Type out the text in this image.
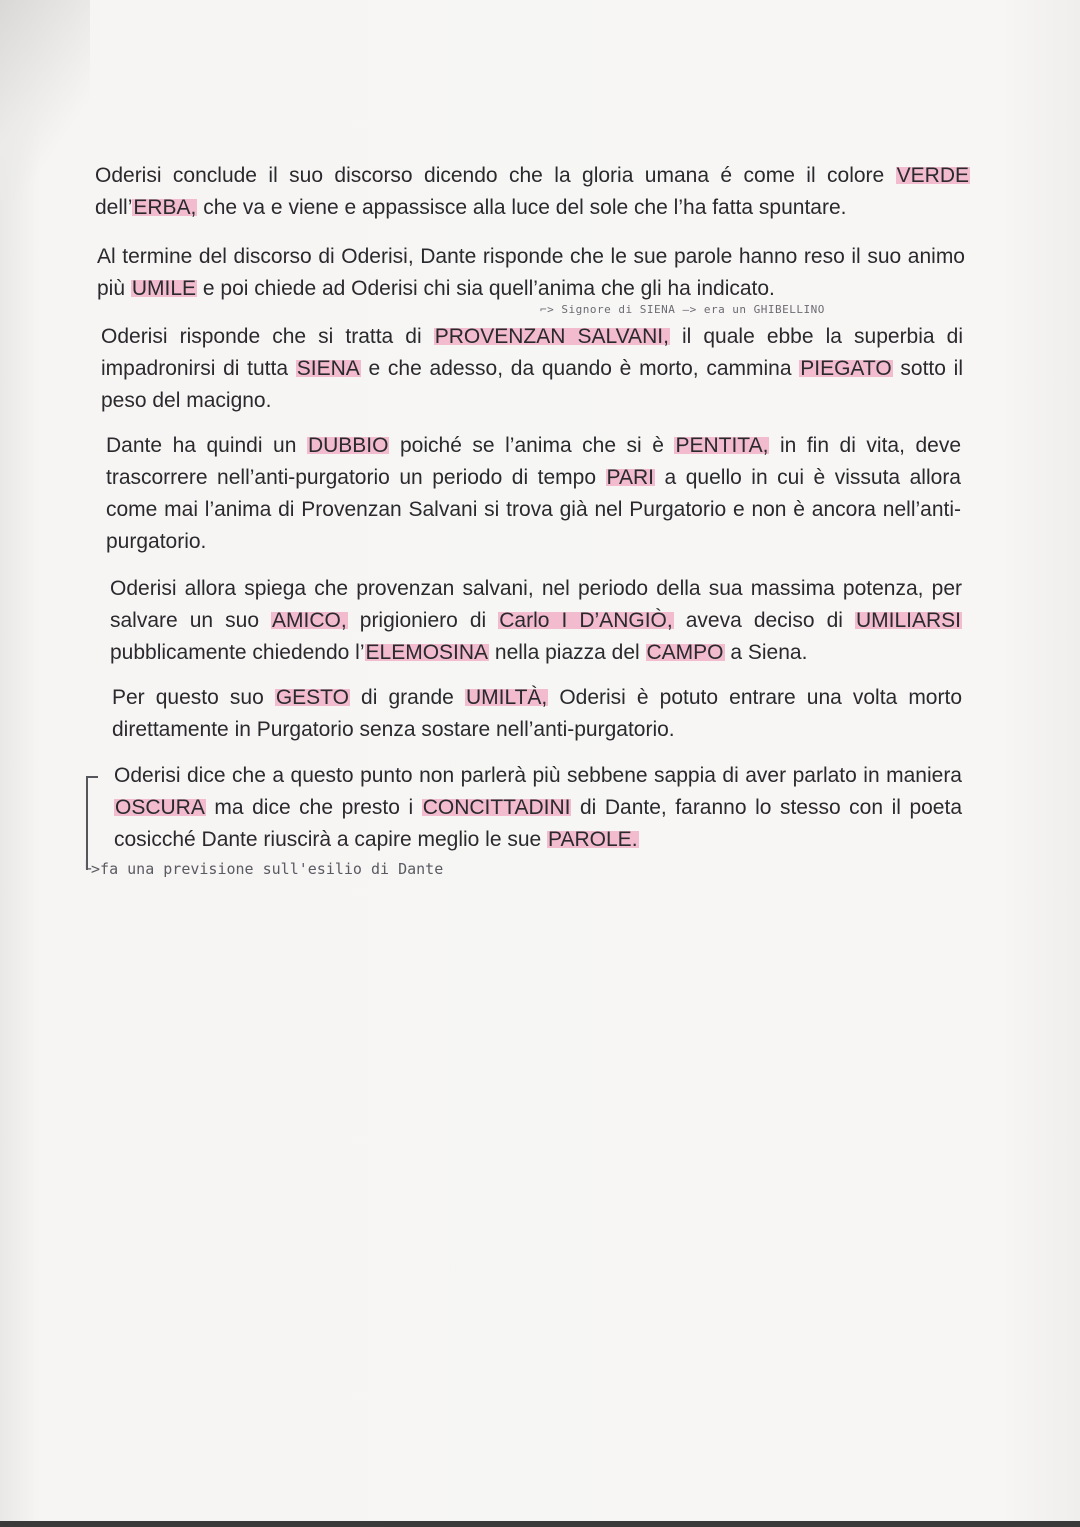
Oderisi conclude il suo discorso dicendo che la gloria umana é come il colore VERDE dell’ERBA, che va e viene e appassisce alla luce del sole che l’ha fatta spuntare.

Al termine del discorso di Oderisi, Dante risponde che le sue parole hanno reso il suo animo più UMILE e poi chiede ad Oderisi chi sia quell’anima che gli ha indicato.

⌐> Signore di SIENA —> era un GHIBELLINO

Oderisi risponde che si tratta di PROVENZAN SALVANI, il quale ebbe la superbia di impadronirsi di tutta SIENA e che adesso, da quando è morto, cammina PIEGATO sotto il peso del macigno.

Dante ha quindi un DUBBIO poiché se l’anima che si è PENTITA, in fin di vita, deve trascorrere nell’anti-purgatorio un periodo di tempo PARI a quello in cui è vissuta allora come mai l’anima di Provenzan Salvani si trova già nel Purgatorio e non è ancora nell’anti-purgatorio.

Oderisi allora spiega che provenzan salvani, nel periodo della sua massima potenza, per salvare un suo AMICO, prigioniero di Carlo I D’ANGIÒ, aveva deciso di UMILIARSI pubblicamente chiedendo l’ELEMOSINA nella piazza del CAMPO a Siena.

Per questo suo GESTO di grande UMILTÀ, Oderisi è potuto entrare una volta morto direttamente in Purgatorio senza sostare nell’anti-purgatorio.

Oderisi dice che a questo punto non parlerà più sebbene sappia di aver parlato in maniera OSCURA ma dice che presto i CONCITTADINI di Dante, faranno lo stesso con il poeta cosicché Dante riuscirà a capire meglio le sue PAROLE.

└>fa una previsione sull'esilio di Dante
